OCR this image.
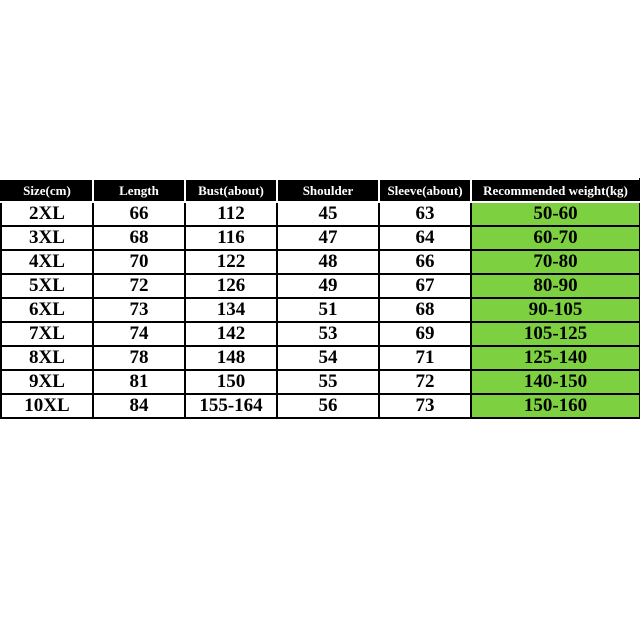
Size(cm)	Length	Bust(about)	Shoulder	Sleeve(about)	Recommended weight(kg)
2XL	66	112	45	63	50-60
3XL	68	116	47	64	60-70
4XL	70	122	48	66	70-80
5XL	72	126	49	67	80-90
6XL	73	134	51	68	90-105
7XL	74	142	53	69	105-125
8XL	78	148	54	71	125-140
9XL	81	150	55	72	140-150
10XL	84	155-164	56	73	150-160
